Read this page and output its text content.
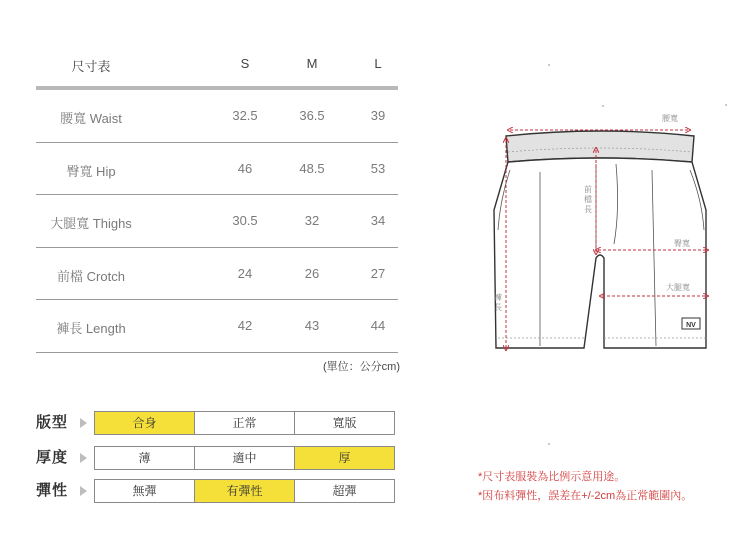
尺寸表	S	M	L
腰寬 Waist	32.5	36.5	39
臀寬 Hip	46	48.5	53
大腿寬 Thighs	30.5	32	34
前檔 Crotch	24	26	27
褲長 Length	42	43	44
(單位：公分cm)
版型	合身	正常	寬版
厚度	薄	適中	厚
彈性	無彈	有彈性	超彈
NV
腰寬
前 檔 長
臀寬
大腿寬
褲 長
*尺寸表服裝為比例示意用途。
*因布料彈性，誤差在+/-2cm為正常範圍內。
